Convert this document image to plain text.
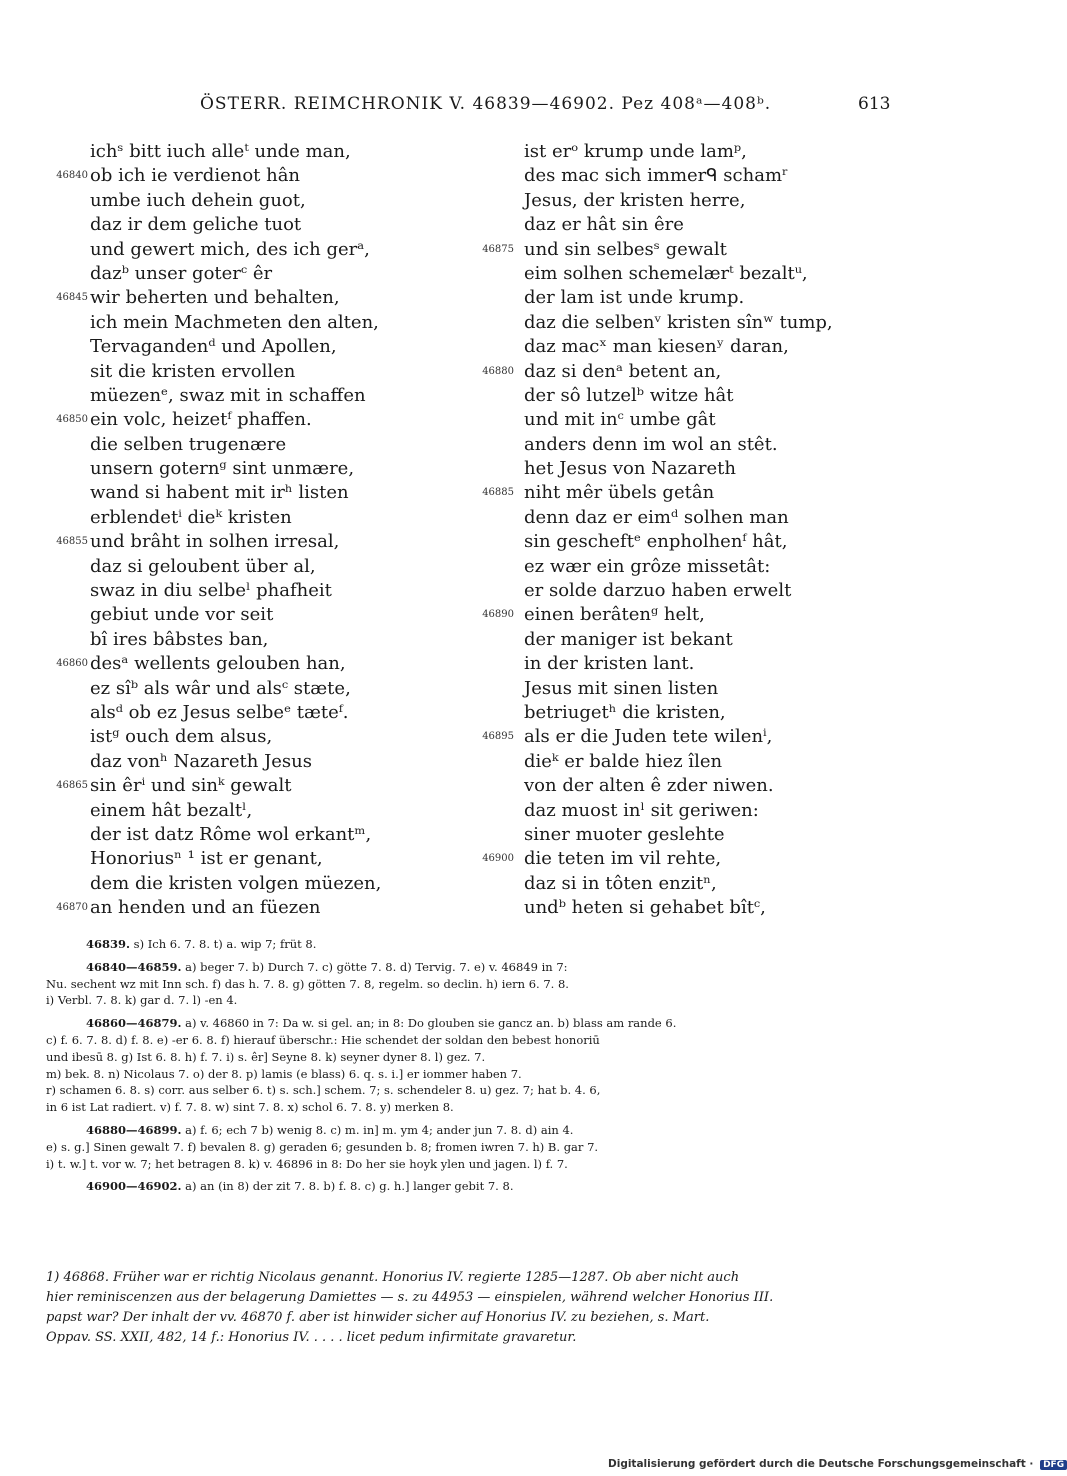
ÖSTERR. REIMCHRONIK V. 46839—46902. Pez 408ᵃ—408ᵇ.	613
ichˢ bitt iuch alleᵗ unde man,
46840 ob ich ie verdienot hân
umbe iuch dehein guot,
daz ir dem geliche tuot
und gewert mich, des ich gerᵃ,
dazᵇ unser goterᶜ êr
46845 wir beherten und behalten,
ich mein Machmeten den alten,
Tervagandenᵈ und Apollen,
sit die kristen ervollen
müezenᵉ, swaz mit in schaffen
46850 ein volc, heizetᶠ phaffen.
die selben trugenære
unsern goternᵍ sint unmære,
wand si habent mit irʰ listen
erblendetⁱ dieᵏ kristen
46855 und brâht in solhen irresal,
daz si geloubent über al,
swaz in diu selbeˡ phafheit
gebiut unde vor seit
bî ires bâbstes ban,
46860 desᵃ wellents gelouben han,
ez sîᵇ als wâr und alsᶜ stæte,
alsᵈ ob ez Jesus selbeᵉ tæteᶠ.
istᵍ ouch dem alsus,
daz vonʰ Nazareth Jesus
46865 sin êrⁱ und sinᵏ gewalt
einem hât bezaltˡ,
der ist datz Rôme wol erkantᵐ,
Honoriusⁿ ¹ ist er genant,
dem die kristen volgen müezen,
46870 an henden und an füezen
ist erᵒ krump unde lamᵖ,
des mac sich immerᑫ schamʳ
Jesus, der kristen herre,
daz er hât sin êre
46875 und sin selbesˢ gewalt
eim solhen schemelærᵗ bezaltᵘ,
der lam ist unde krump.
daz die selbenᵛ kristen sînʷ tump,
daz macˣ man kiesenʸ daran,
46880 daz si denᵃ betent an,
der sô lutzelᵇ witze hât
und mit inᶜ umbe gât
anders denn im wol an stêt.
het Jesus von Nazareth
46885 niht mêr übels getân
denn daz er eimᵈ solhen man
sin gescheftᵉ enpholhenᶠ hât,
ez wær ein grôze missetât:
er solde darzuo haben erwelt
46890 einen berâtenᵍ helt,
der maniger ist bekant
in der kristen lant.
Jesus mit sinen listen
betriugetʰ die kristen,
46895 als er die Juden tete wilenⁱ,
dieᵏ er balde hiez îlen
von der alten ê zder niwen.
daz muost inˡ sit geriwen:
siner muoter geslehte
46900 die teten im vil rehte,
daz si in tôten enzitⁿ,
undᵇ heten si gehabet bîtᶜ,
46839. s) Ich 6. 7. 8. t) a. wip 7; früt 8.
46840—46859. a) beger 7. b) Durch 7. c) götte 7. 8. d) Tervig. 7. e) v. 46849 in 7:
Nu. sechent wz mit Inn sch. f) das h. 7. 8. g) götten 7. 8, regelm. so declin. h) iern 6. 7. 8.
i) Verbl. 7. 8. k) gar d. 7. l) -en 4.
46860—46879. a) v. 46860 in 7: Da w. si gel. an; in 8: Do glouben sie gancz an. b) blass am rande 6.
c) f. 6. 7. 8. d) f. 8. e) -er 6. 8. f) hierauf überschr.: Hie schendet der soldan den bebest honoriū
und ibesū 8. g) Ist 6. 8. h) f. 7. i) s. êr] Seyne 8. k) seyner dyner 8. l) gez. 7.
m) bek. 8. n) Nicolaus 7. o) der 8. p) lamis (e blass) 6. q. s. i.] er iommer haben 7.
r) schamen 6. 8. s) corr. aus selber 6. t) s. sch.] schem. 7; s. schendeler 8. u) gez. 7; hat b. 4. 6,
in 6 ist Lat radiert. v) f. 7. 8. w) sint 7. 8. x) schol 6. 7. 8. y) merken 8.
46880—46899. a) f. 6; ech 7 b) wenig 8. c) m. in] m. ym 4; ander jun 7. 8. d) ain 4.
e) s. g.] Sinen gewalt 7. f) bevalen 8. g) geraden 6; gesunden b. 8; fromen iwren 7. h) B. gar 7.
i) t. w.] t. vor w. 7; het betragen 8. k) v. 46896 in 8: Do her sie hoyk ylen und jagen. l) f. 7.
46900—46902. a) an (in 8) der zit 7. 8. b) f. 8. c) g. h.] langer gebit 7. 8.
1) 46868. Früher war er richtig Nicolaus genannt. Honorius IV. regierte 1285—1287. Ob aber nicht auch
hier reminiscenzen aus der belagerung Damiettes — s. zu 44953 — einspielen, während welcher Honorius III.
papst war? Der inhalt der vv. 46870 f. aber ist hinwider sicher auf Honorius IV. zu beziehen, s. Mart.
Oppav. SS. XXII, 482, 14 f.: Honorius IV. . . . . licet pedum infirmitate gravaretur.
Digitalisierung gefördert durch die Deutsche Forschungsgemeinschaft · DFG
